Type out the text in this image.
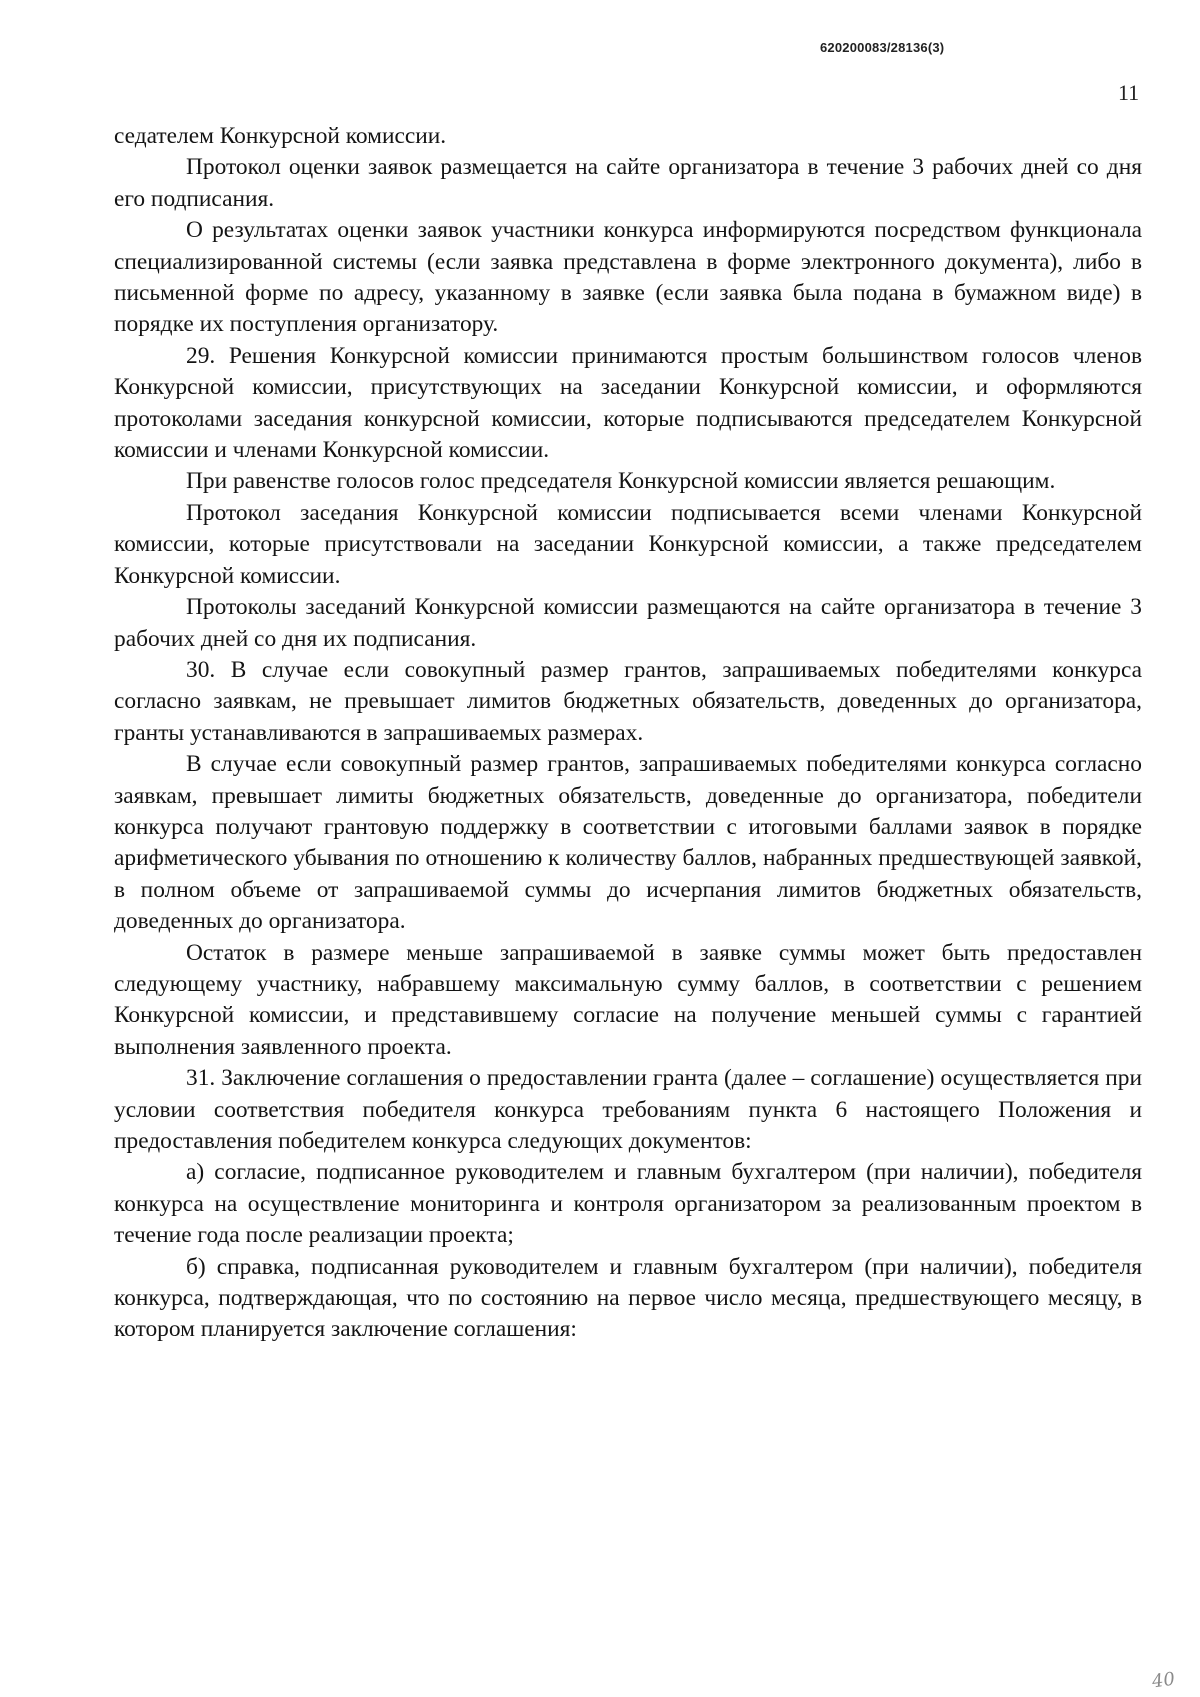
620200083/28136(3)
11

седателем Конкурсной комиссии.

Протокол оценки заявок размещается на сайте организатора в течение 3 рабочих дней со дня его подписания.

О результатах оценки заявок участники конкурса информируются посредством функционала специализированной системы (если заявка представлена в форме электронного документа), либо в письменной форме по адресу, указанному в заявке (если заявка была подана в бумажном виде) в порядке их поступления организатору.

29. Решения Конкурсной комиссии принимаются простым большинством голосов членов Конкурсной комиссии, присутствующих на заседании Конкурсной комиссии, и оформляются протоколами заседания конкурсной комиссии, которые подписываются председателем Конкурсной комиссии и членами Конкурсной комиссии.

При равенстве голосов голос председателя Конкурсной комиссии является решающим.

Протокол заседания Конкурсной комиссии подписывается всеми членами Конкурсной комиссии, которые присутствовали на заседании Конкурсной комиссии, а также председателем Конкурсной комиссии.

Протоколы заседаний Конкурсной комиссии размещаются на сайте организатора в течение 3 рабочих дней со дня их подписания.

30. В случае если совокупный размер грантов, запрашиваемых победителями конкурса согласно заявкам, не превышает лимитов бюджетных обязательств, доведенных до организатора, гранты устанавливаются в запрашиваемых размерах.

В случае если совокупный размер грантов, запрашиваемых победителями конкурса согласно заявкам, превышает лимиты бюджетных обязательств, доведенные до организатора, победители конкурса получают грантовую поддержку в соответствии с итоговыми баллами заявок в порядке арифметического убывания по отношению к количеству баллов, набранных предшествующей заявкой, в полном объеме от запрашиваемой суммы до исчерпания лимитов бюджетных обязательств, доведенных до организатора.

Остаток в размере меньше запрашиваемой в заявке суммы может быть предоставлен следующему участнику, набравшему максимальную сумму баллов, в соответствии с решением Конкурсной комиссии, и представившему согласие на получение меньшей суммы с гарантией выполнения заявленного проекта.

31. Заключение соглашения о предоставлении гранта (далее – соглашение) осуществляется при условии соответствия победителя конкурса требованиям пункта 6 настоящего Положения и предоставления победителем конкурса следующих документов:

а) согласие, подписанное руководителем и главным бухгалтером (при наличии), победителя конкурса на осуществление мониторинга и контроля организатором за реализованным проектом в течение года после реализации проекта;

б) справка, подписанная руководителем и главным бухгалтером (при наличии), победителя конкурса, подтверждающая, что по состоянию на первое число месяца, предшествующего месяцу, в котором планируется заключение соглашения:

40
